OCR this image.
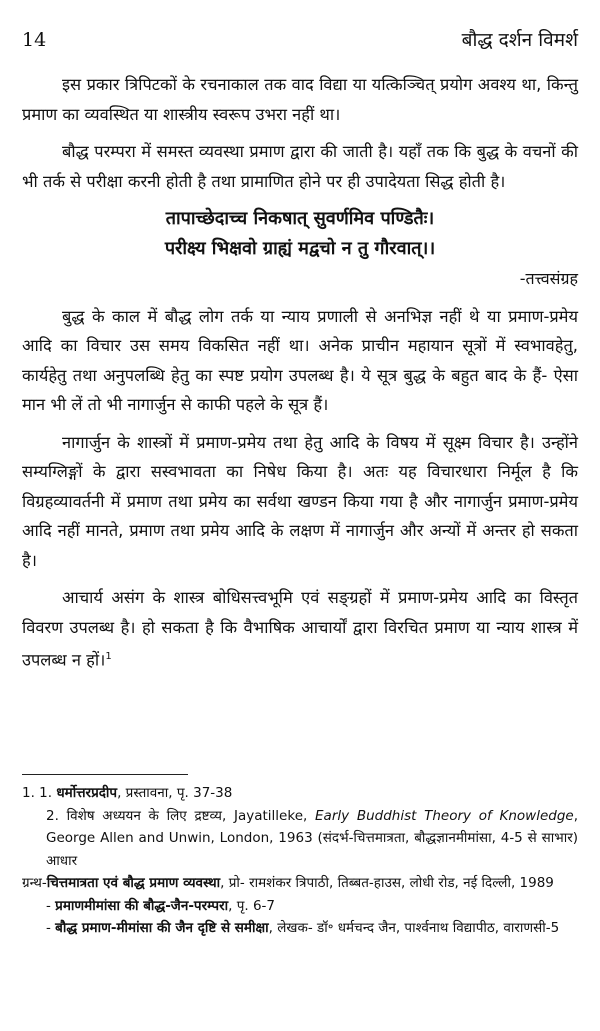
14	बौद्ध दर्शन विमर्श

इस प्रकार त्रिपिटकों के रचनाकाल तक वाद विद्या या यत्किञ्चित् प्रयोग अवश्य था, किन्तु प्रमाण का व्यवस्थित या शास्त्रीय स्वरूप उभरा नहीं था।

बौद्ध परम्परा में समस्त व्यवस्था प्रमाण द्वारा की जाती है। यहाँ तक कि बुद्ध के वचनों की भी तर्क से परीक्षा करनी होती है तथा प्रामाणित होने पर ही उपादेयता सिद्ध होती है।

तापाच्छेदाच्च निकषात् सुवर्णमिव पण्डितैः।
परीक्ष्य भिक्षवो ग्राह्यं मद्वचो न तु गौरवात्।।

-तत्त्वसंग्रह

बुद्ध के काल में बौद्ध लोग तर्क या न्याय प्रणाली से अनभिज्ञ नहीं थे या प्रमाण-प्रमेय आदि का विचार उस समय विकसित नहीं था। अनेक प्राचीन महायान सूत्रों में स्वभावहेतु, कार्यहेतु तथा अनुपलब्धि हेतु का स्पष्ट प्रयोग उपलब्ध है। ये सूत्र बुद्ध के बहुत बाद के हैं- ऐसा मान भी लें तो भी नागार्जुन से काफी पहले के सूत्र हैं।

नागार्जुन के शास्त्रों में प्रमाण-प्रमेय तथा हेतु आदि के विषय में सूक्ष्म विचार है। उन्होंने सम्यग्लिङ्गों के द्वारा सस्वभावता का निषेध किया है। अतः यह विचारधारा निर्मूल है कि विग्रहव्यावर्तनी में प्रमाण तथा प्रमेय का सर्वथा खण्डन किया गया है और नागार्जुन प्रमाण-प्रमेय आदि नहीं मानते, प्रमाण तथा प्रमेय आदि के लक्षण में नागार्जुन और अन्यों में अन्तर हो सकता है।

आचार्य असंग के शास्त्र बोधिसत्त्वभूमि एवं सङ्ग्रहों में प्रमाण-प्रमेय आदि का विस्तृत विवरण उपलब्ध है। हो सकता है कि वैभाषिक आचार्यों द्वारा विरचित प्रमाण या न्याय शास्त्र में उपलब्ध न हों।$^1$

1. 1. धर्मोत्तरप्रदीप, प्रस्तावना, पृ. 37-38
2. विशेष अध्ययन के लिए द्रष्टव्य, Jayatilleke, Early Buddhist Theory of Knowledge, George Allen and Unwin, London, 1963 (संदर्भ-चित्तमात्रता, बौद्धज्ञानमीमांसा, 4-5 से साभार) आधार
ग्रन्थ-चित्तमात्रता एवं बौद्ध प्रमाण व्यवस्था, प्रो- रामशंकर त्रिपाठी, तिब्बत-हाउस, लोधी रोड, नई दिल्ली, 1989
- प्रमाणमीमांसा की बौद्ध-जैन-परम्परा, पृ. 6-7
- बौद्ध प्रमाण-मीमांसा की जैन दृष्टि से समीक्षा, लेखक- डॉ॰ धर्मचन्द जैन, पार्श्वनाथ विद्यापीठ, वाराणसी-5
